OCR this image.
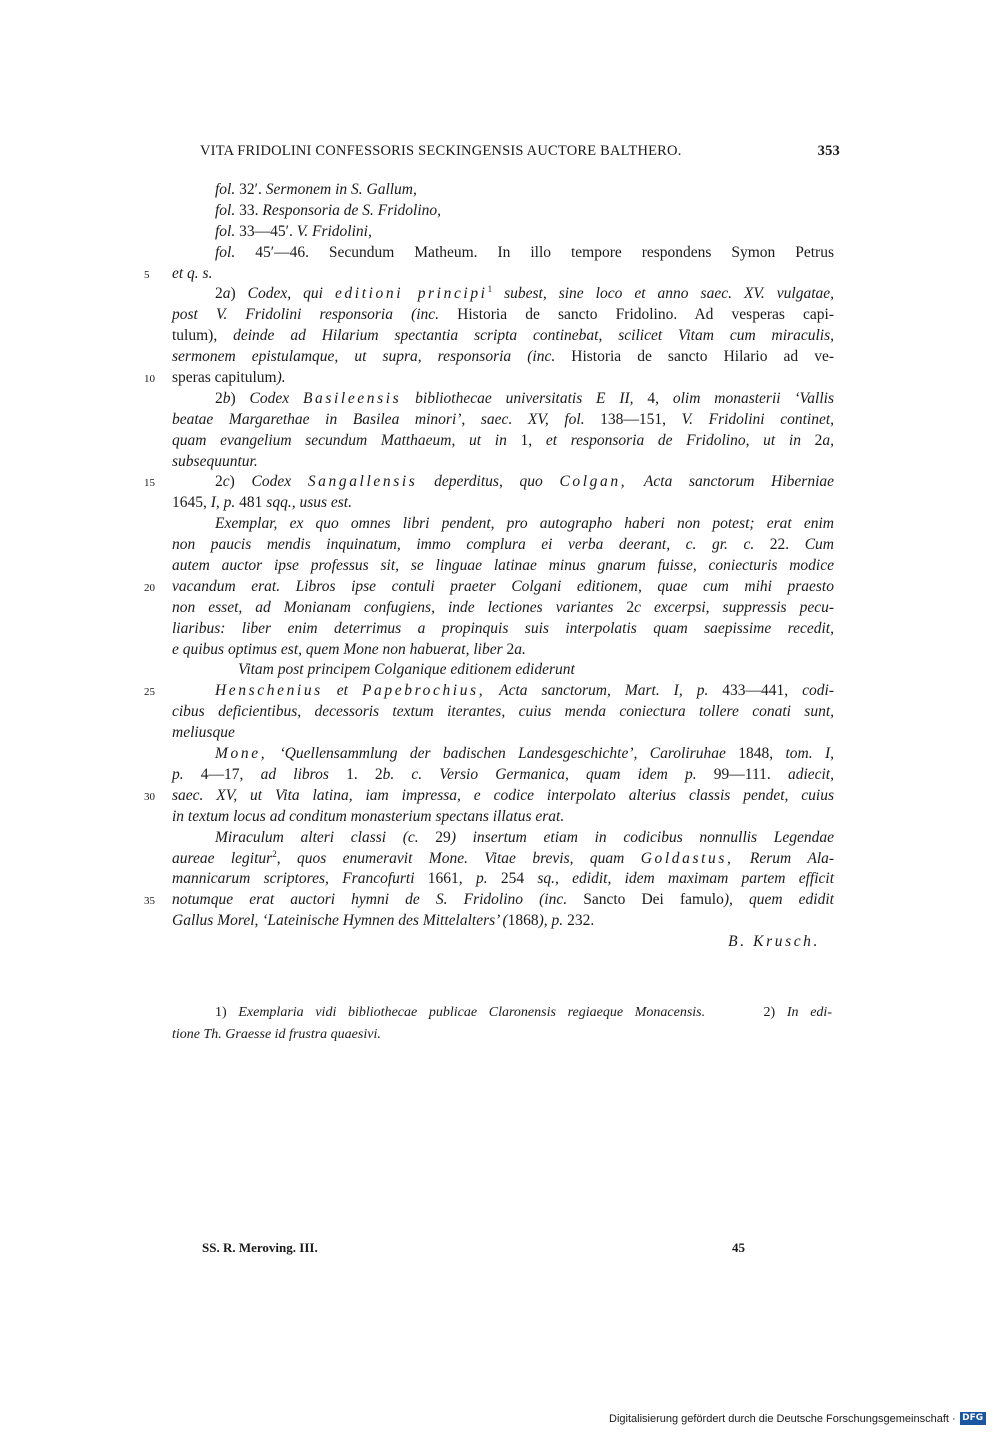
VITA FRIDOLINI CONFESSORIS SECKINGENSIS AUCTORE BALTHERO.	353
fol. 32′. Sermonem in S. Gallum,
fol. 33. Responsoria de S. Fridolino,
fol. 33—45′. V. Fridolini,
fol. 45′—46. Secundum Matheum. In illo tempore respondens Symon Petrus
5 et q. s.
2a) Codex, qui editioni principi$^1$ subest, sine loco et anno saec. XV. vulgatae,
post V. Fridolini responsoria (inc. Historia de sancto Fridolino. Ad vesperas capi-
tulum), deinde ad Hilarium spectantia scripta continebat, scilicet Vitam cum miraculis,
sermonem epistulamque, ut supra, responsoria (inc. Historia de sancto Hilario ad ve-
10 speras capitulum).
2b) Codex Basileensis bibliothecae universitatis E II, 4, olim monasterii ‘Vallis
beatae Margarethae in Basilea minori’, saec. XV, fol. 138—151, V. Fridolini continet,
quam evangelium secundum Matthaeum, ut in 1, et responsoria de Fridolino, ut in 2a,
subsequuntur.
15	2c) Codex Sangallensis deperditus, quo Colgan, Acta sanctorum Hiberniae
1645, I, p. 481 sqq., usus est.
Exemplar, ex quo omnes libri pendent, pro autographo haberi non potest; erat enim
non paucis mendis inquinatum, immo complura ei verba deerant, c. gr. c. 22. Cum
autem auctor ipse professus sit, se linguae latinae minus gnarum fuisse, coniecturis modice
20 vacandum erat. Libros ipse contuli praeter Colgani editionem, quae cum mihi praesto
non esset, ad Monianam confugiens, inde lectiones variantes 2c excerpsi, suppressis pecu-
liaribus: liber enim deterrimus a propinquis suis interpolatis quam saepissime recedit,
e quibus optimus est, quem Mone non habuerat, liber 2a.
Vitam post principem Colganique editionem ediderunt
25	Henschenius et Papebrochius, Acta sanctorum, Mart. I, p. 433—441, codi-
cibus deficientibus, decessoris textum iterantes, cuius menda coniectura tollere conati sunt,
meliusque
Mone, ‘Quellensammlung der badischen Landesgeschichte’, Caroliruhae 1848, tom. I,
p. 4—17, ad libros 1. 2b. c. Versio Germanica, quam idem p. 99—111. adiecit,
30 saec. XV, ut Vita latina, iam impressa, e codice interpolato alterius classis pendet, cuius
in textum locus ad conditum monasterium spectans illatus erat.
Miraculum alteri classi (c. 29) insertum etiam in codicibus nonnullis Legendae
aureae legitur$^2$, quos enumeravit Mone. Vitae brevis, quam Goldastus, Rerum Ala-
mannicarum scriptores, Francofurti 1661, p. 254 sq., edidit, idem maximam partem efficit
35 notumque erat auctori hymni de S. Fridolino (inc. Sancto Dei famulo), quem edidit
Gallus Morel, ‘Lateinische Hymnen des Mittelalters’ (1868), p. 232.
B. Krusch.
1) Exemplaria vidi bibliothecae publicae Claronensis regiaeque Monacensis.     2) In edi-
tione Th. Graesse id frustra quaesivi.
SS. R. Meroving. III.	45
Digitalisierung gefördert durch die Deutsche Forschungsgemeinschaft · DFG
